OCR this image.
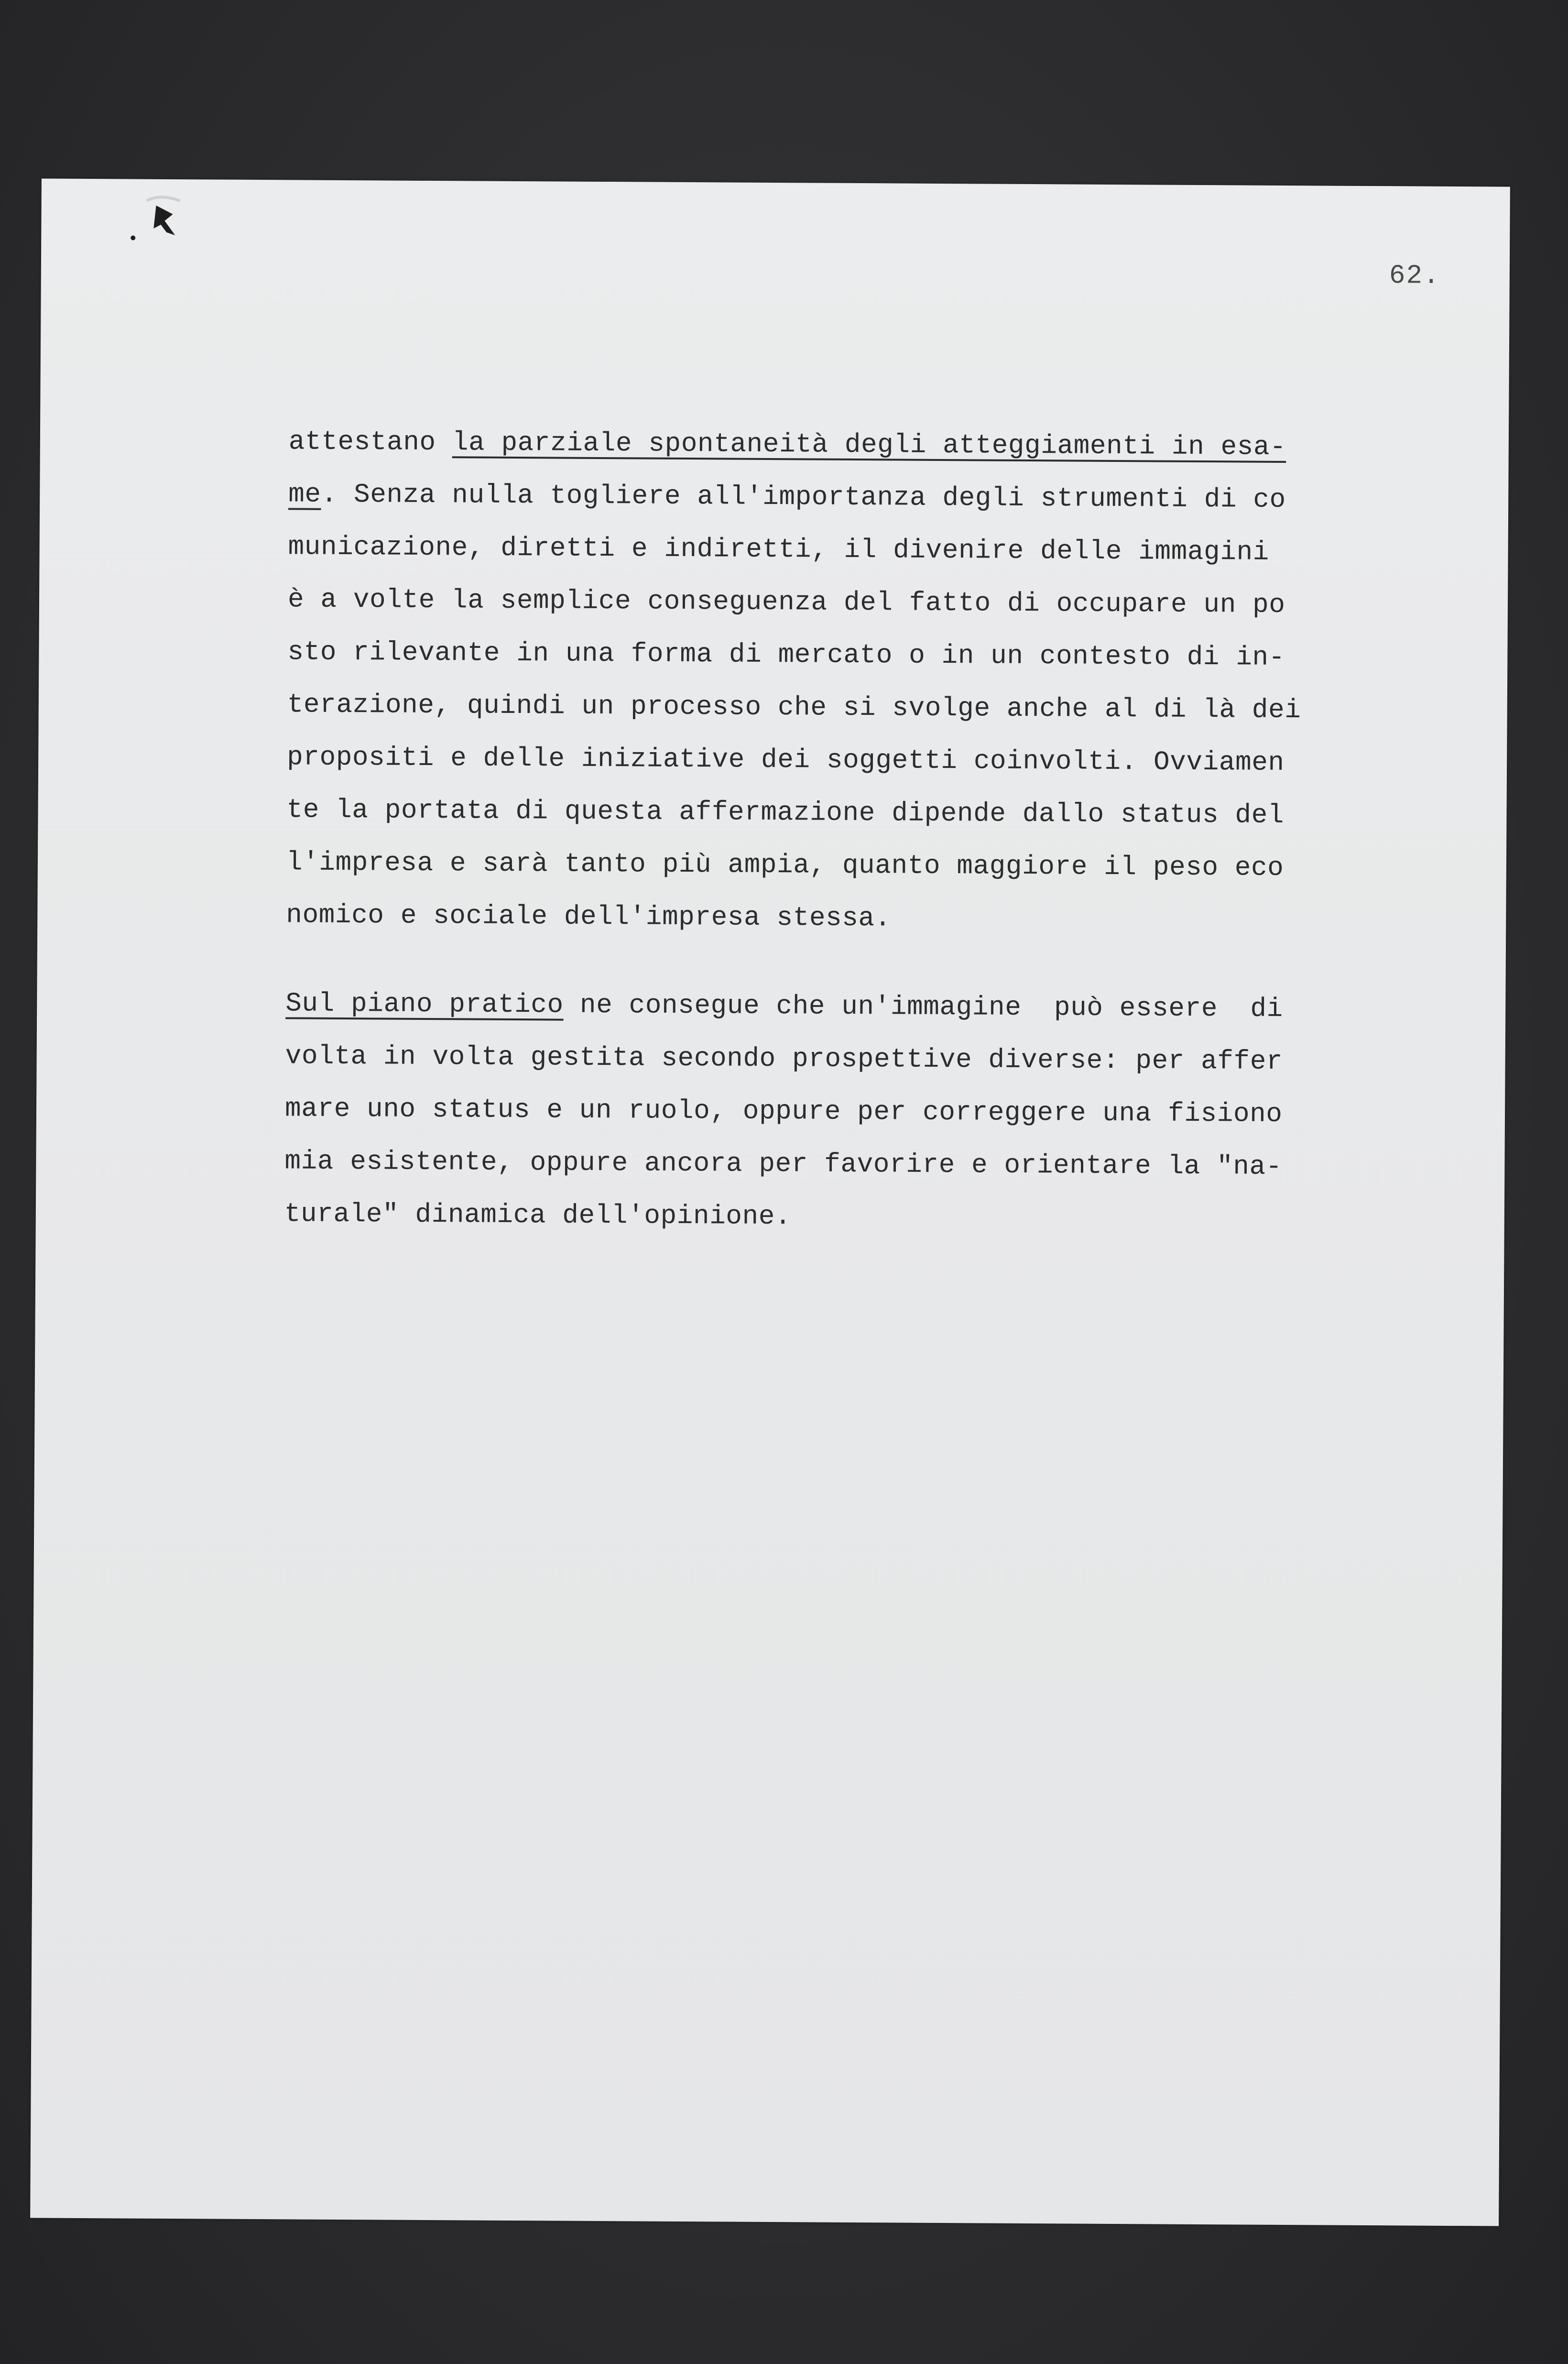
62.
attestano la parziale spontaneità degli atteggiamenti in esa-
me. Senza nulla togliere all'importanza degli strumenti di co
municazione, diretti e indiretti, il divenire delle immagini
è a volte la semplice conseguenza del fatto di occupare un po
sto rilevante in una forma di mercato o in un contesto di in-
terazione, quindi un processo che si svolge anche al di là dei
propositi e delle iniziative dei soggetti coinvolti. Ovviamen
te la portata di questa affermazione dipende dallo status del
l'impresa e sarà tanto più ampia, quanto maggiore il peso eco
nomico e sociale dell'impresa stessa.
Sul piano pratico ne consegue che un'immagine  può essere  di
volta in volta gestita secondo prospettive diverse: per affer
mare uno status e un ruolo, oppure per correggere una fisiono
mia esistente, oppure ancora per favorire e orientare la "na-
turale" dinamica dell'opinione.
